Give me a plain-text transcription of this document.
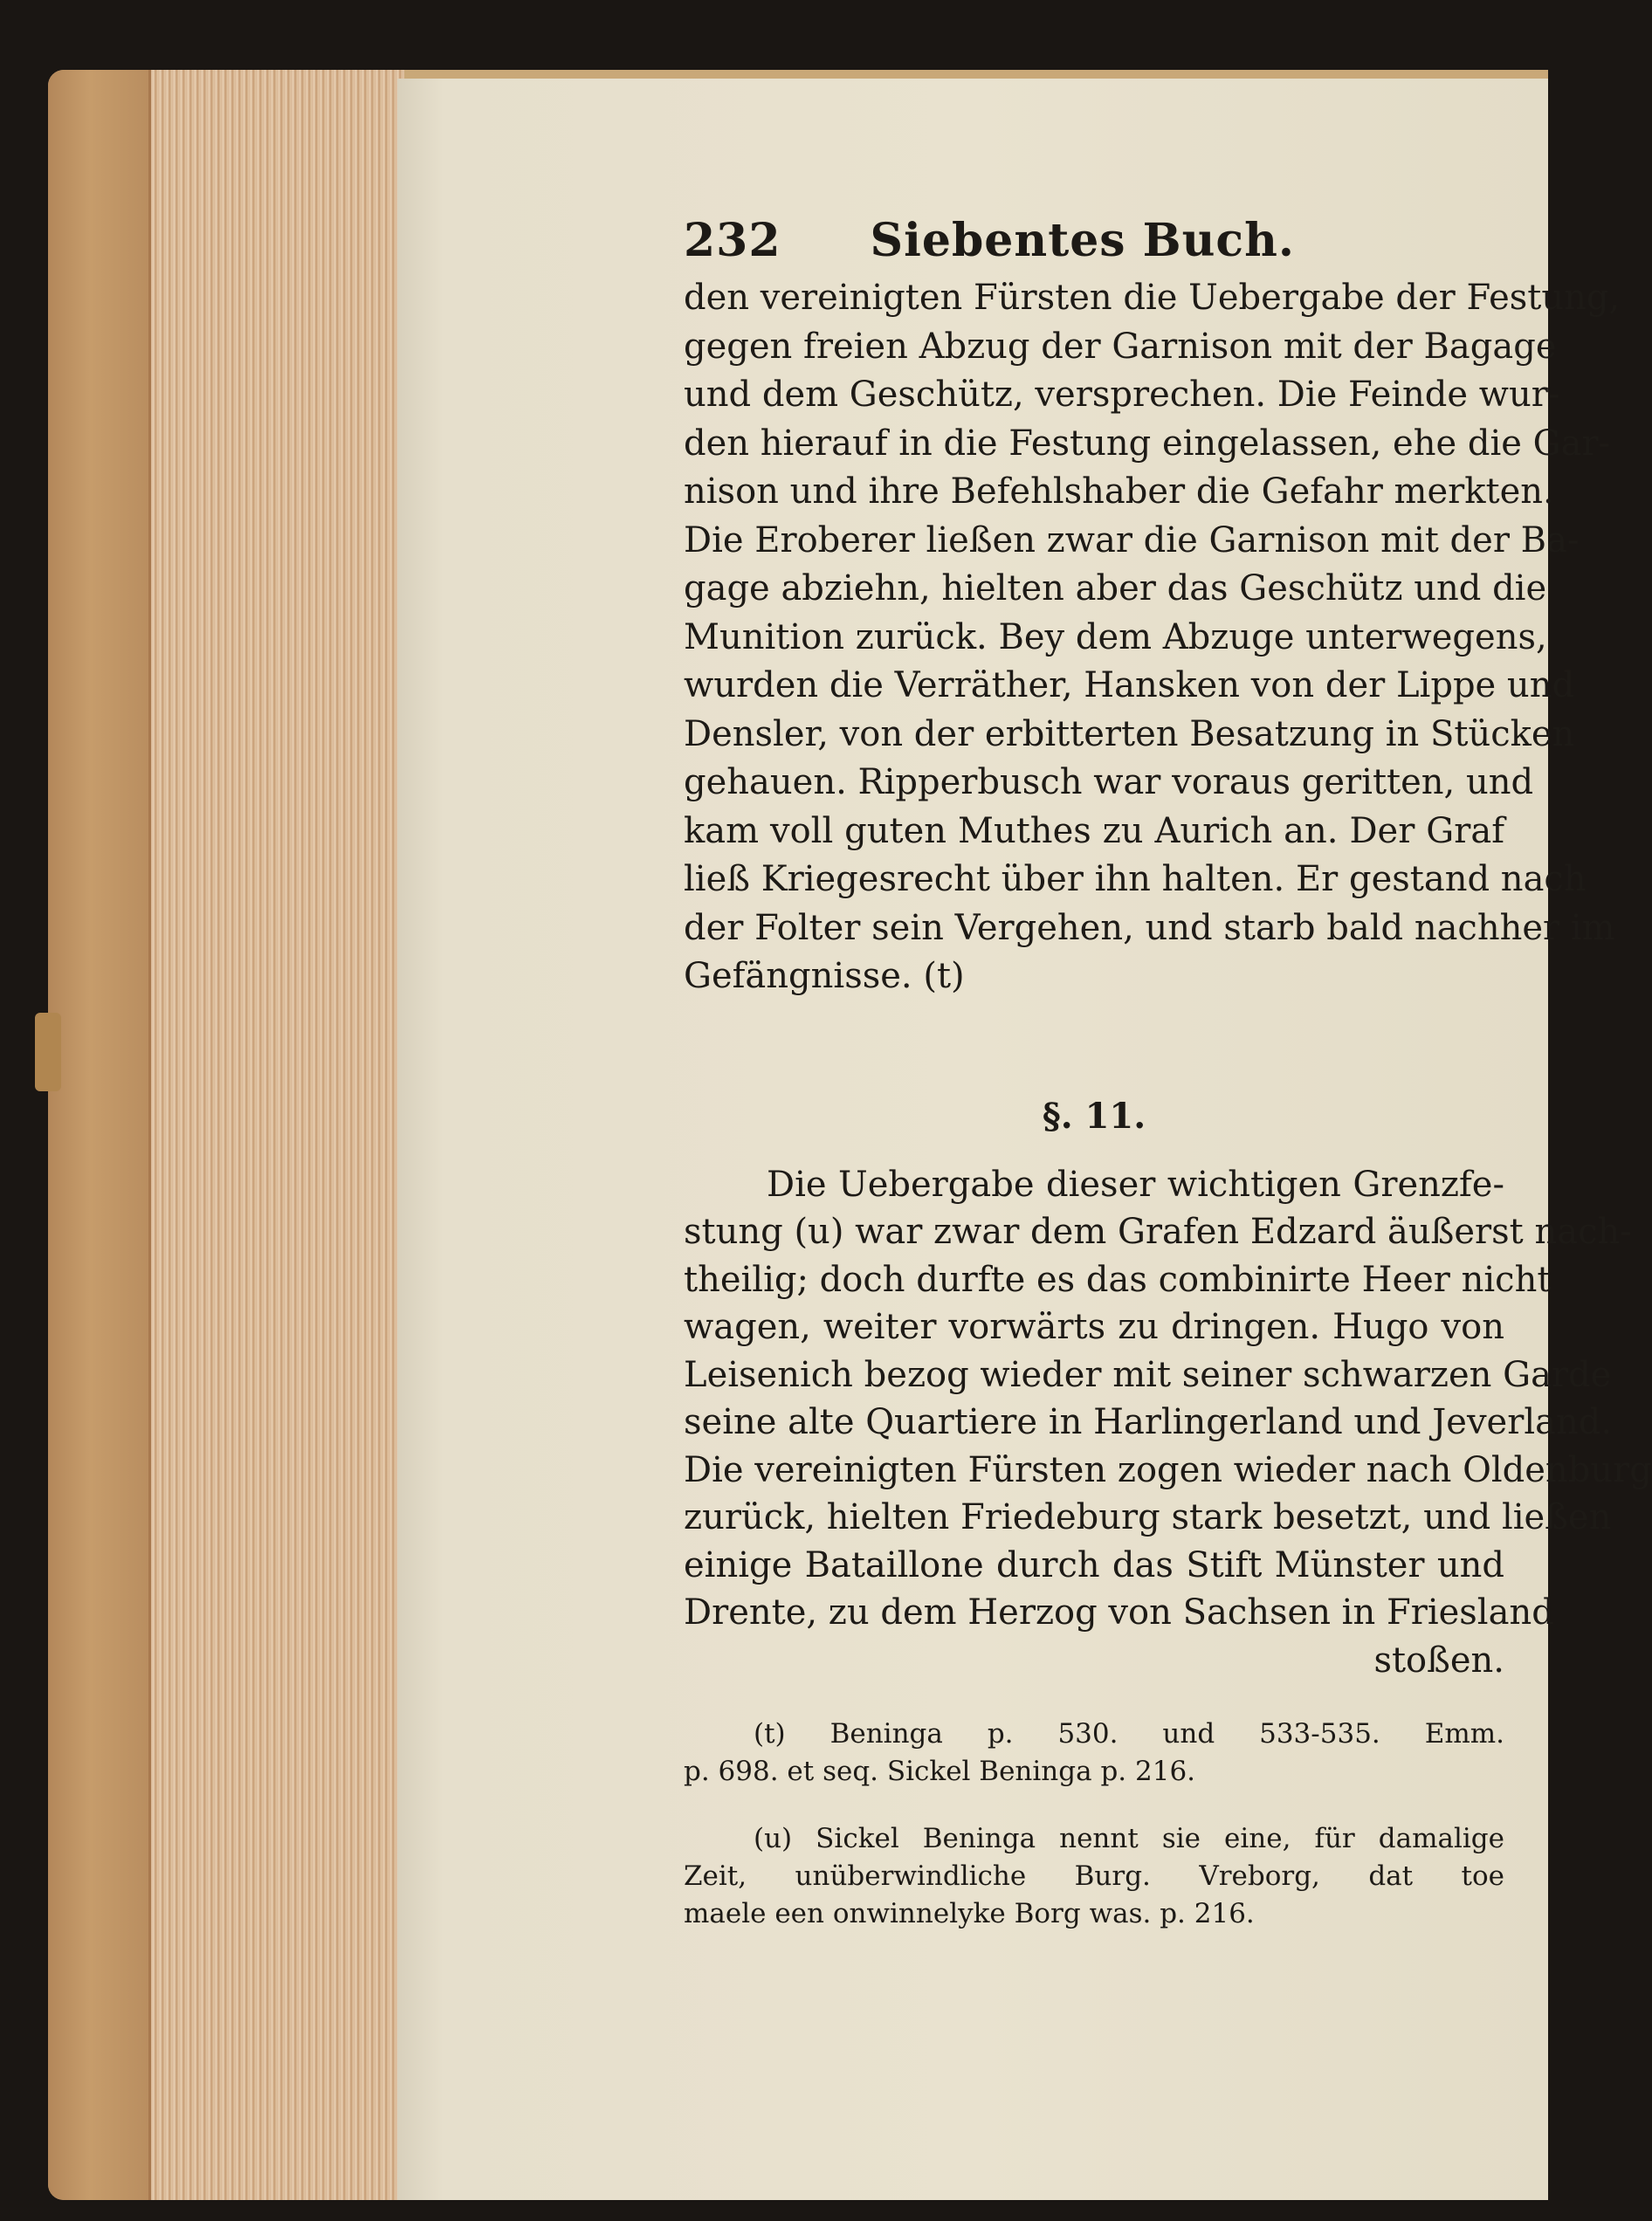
232 Siebentes Buch.

den vereinigten Fürsten die Uebergabe der Festung,

gegen freien Abzug der Garnison mit der Bagage

und dem Geschütz, versprechen. Die Feinde wur-

den hierauf in die Festung eingelassen, ehe die Gar-

nison und ihre Befehlshaber die Gefahr merkten.

Die Eroberer ließen zwar die Garnison mit der Ba-

gage abziehn, hielten aber das Geschütz und die

Munition zurück. Bey dem Abzuge unterwegens,

wurden die Verräther, Hansken von der Lippe und

Densler, von der erbitterten Besatzung in Stücken

gehauen. Ripperbusch war voraus geritten, und

kam voll guten Muthes zu Aurich an. Der Graf

ließ Kriegesrecht über ihn halten. Er gestand nach

der Folter sein Vergehen, und starb bald nachher im

Gefängnisse. (t)

§. 11.

Die Uebergabe dieser wichtigen Grenzfe-

stung (u) war zwar dem Grafen Edzard äußerst nach-

theilig; doch durfte es das combinirte Heer nicht

wagen, weiter vorwärts zu dringen. Hugo von

Leisenich bezog wieder mit seiner schwarzen Garde

seine alte Quartiere in Harlingerland und Jeverland.

Die vereinigten Fürsten zogen wieder nach Oldenburg

zurück, hielten Friedeburg stark besetzt, und ließen

einige Bataillone durch das Stift Münster und

Drente, zu dem Herzog von Sachsen in Friesland

stoßen.

(t) Beninga p. 530. und 533-535. Emm.

p. 698. et seq. Sickel Beninga p. 216.

(u) Sickel Beninga nennt sie eine, für damalige

Zeit, unüberwindliche Burg. Vreborg, dat toe

maele een onwinnelyke Borg was. p. 216.
